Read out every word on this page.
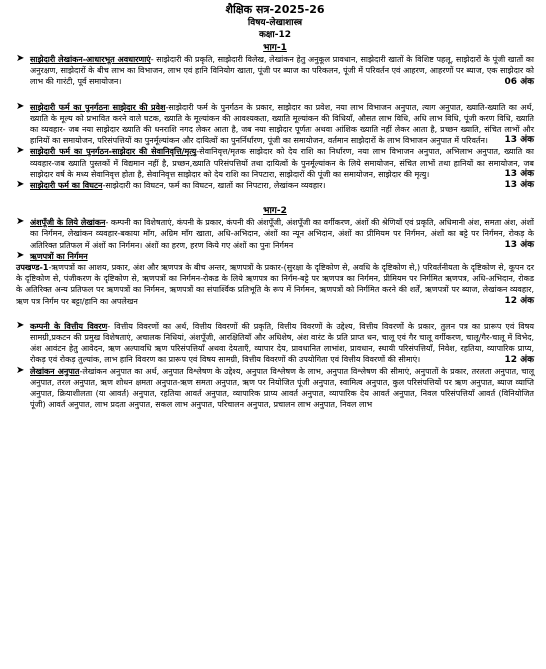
शैक्षिक सत्र-2025-26
विषय-लेखाशास्त्र
कक्षा-12
भाग-1
➤ साझेदारी लेखांकन-आधारभूत अवधारणाएं- साझेदारी की प्रकृति, साझेदारी विलेख, लेखांकन हेतु अनुकूल प्रावधान, साझेदारी खातों के विशिष्ट पहलू, साझेदारों के पूंजी खातों का अनुरक्षण, साझेदारों के बीच लाभ का विभाजन, लाभ एवं हानि विनियोग खाता, पूंजी पर ब्याज का परिकलन, पूंजी में परिवर्तन एवं आहरण, आहरणों पर ब्याज, एक साझेदार को लाभ की गारंटी, पूर्व समायोजन।	06 अंक
➤ साझेदारी फर्म का पुनर्गठनः साझेदार की प्रवेश-साझेदारी फर्म के पुनर्गठन के प्रकार, साझेदार का प्रवेश, नया लाभ विभाजन अनुपात, त्याग अनुपात, ख्याति-ख्याति का अर्थ, ख्याति के मूल्य को प्रभावित करने वाले घटक, ख्याति के मूल्यांकन की आवश्यकता, ख्याति मूल्यांकन की विधियाँ, औसत लाभ विधि, अधि लाभ विधि, पूंजी करण विधि, ख्याति का व्यवहार- जब नया साझेदार ख्याति की धनराशि नगद लेकर आता है, जब नया साझेदार पूर्णतः अथवा आंशिक ख्याति नहीं लेकर आता है, प्रच्छन ख्याति, संचित लाभों और हानियों का समायोजन, परिसंपत्तियों का पुनर्मूल्यांकन और दायित्वों का पुनर्निर्धारण, पूंजी का समायोजन, वर्तमान साझेदारों के लाभ विभाजन अनुपात में परिवर्तन।	13 अंक
➤ साझेदारी फर्म का पुनर्गठन-साझेदार की सेवानिवृत्ति/मृत्यु-सेवानिवृत्त/मृतक साझेदार को देय राशि का निर्धारण, नया लाभ विभाजन अनुपात, अभिलाभ अनुपात, ख्याति का व्यवहार-जब ख्याति पुस्तकों में विद्यमान नहीं है, प्रच्छन,ख्याति परिसंपत्तियों तथा दायित्वों के पुनर्मूल्यांकन के लिये समायोजन, संचित लाभों तथा हानियों का समायोजन, जब साझेदार वर्ष के मध्य सेवानिवृत्त होता है, सेवानिवृत्त साझेदार को देय राशि का निपटारा, साझेदारों की पूंजी का समायोजन, साझेदार की मृत्यु।	13 अंक
➤ साझेदारी फर्म का विघटन-साझेदारी का विघटन, फर्म का विघटन, खातों का निपटारा, लेखांकन व्यवहार।	13 अंक
भाग-2
➤ अंशपूँजी के लिये लेखांकन- कम्पनी का विशेषताएं, कंपनी के प्रकार, कंपनी की अंशपूँजी, अंशपूँजी का वर्गीकरण, अंशों की श्रेणियाँ एवं प्रकृति, अधिमानी अंश, समता अंश, अंशों का निर्गमन, लेखांकन व्यवहार-बकाया माँग, अग्रिम माँग खाता, अधि-अभिदान, अंशों का न्यून अभिदान, अंशों का प्रीमियम पर निर्गमन, अंशों का बट्टे पर निर्गमन, रोकड़ के अतिरिक्त प्रतिफल में अंशों का निर्गमन। अंशों का हरण, हरण किये गए अंशों का पुनः निर्गमन	13 अंक
➤ ऋणपत्रों का निर्गमन
उपखण्ड-1-ऋणपत्रों का आशय, प्रकार, अंश और ऋणपत्र के बीच अन्तर, ऋणपत्रों के प्रकार-(सुरक्षा के दृष्टिकोण से, अवधि के दृष्टिकोण से,) परिवर्तनीयता के दृष्टिकोण से, कूपन दर के दृष्टिकोण से, पंजीकरण के दृष्टिकोण से, ऋणपत्रों का निर्गमन-रोकड के लिये ऋणपत्र का निर्गम-बट्टे पर ऋणपत्र का निर्गमन, प्रीमियम पर निर्गमित ऋणपत्र, अधि-अभिदान, रोकड के अतिरिक्त अन्य प्रतिफल पर ऋणपत्रों का निर्गमन, ऋणपत्रों का संपार्श्विक प्रतिभूति के रूप में निर्गमन, ऋणपत्रों को निर्गमित करने की शर्तें, ऋणपत्रों पर ब्याज, लेखांकन व्यवहार, ऋण पत्र निर्गम पर बट्टा/हानि का अपलेखन	12 अंक
➤ कम्पनी के वित्तीय विवरण- वित्तीय विवरणों का अर्थ, वित्तीय विवरणों की प्रकृति, वित्तीय विवरणों के उद्देश्य, वित्तीय विवरणों के प्रकार, तुलन पत्र का प्रारूप एवं विषय सामग्री,प्रकटन की प्रमुख विशेषताएं, अचालक निधियां, अंशपूँजी, आरक्षितियाँ और अधिशेष, अंश वारंट के प्रति प्राप्त धन, चालू एवं गैर चालू वर्गीकरण, चालू/गैर-चालू में विभेद, अंश आवंटन हेतु आवेदन, ऋण अल्पावधि ऋण परिसंपत्तियाँ अथवा देयताएँ, व्यापार देय, प्रावधानित लाभांश, प्रावधान, स्थायी परिसंपत्तियाँ, निवेश, रहतिया, व्यापारिक प्राप्य, रोकड़ एवं रोकड़ तुल्यांक, लाभ हानि विवरण का प्रारूप एवं विषय सामग्री, वित्तीय विवरणों की उपयोगिता एवं वित्तीय विवरणों की सीमाएं।	12 अंक
➤ लेखांकन अनुपात-लेखांकन अनुपात का अर्थ, अनुपात विश्लेषण के उद्देश्य, अनुपात विश्लेषण के लाभ, अनुपात विश्लेषण की सीमाएं, अनुपातों के प्रकार, तरलता अनुपात, चालू अनुपात, तरल अनुपात, ऋण शोधन क्षमता अनुपात-ऋण समता अनुपात, ऋण पर नियोजित पूंजी अनुपात, स्वामित्व अनुपात, कुल परिसंपत्तियों पर ऋण अनुपात, ब्याज व्याप्ति अनुपात, क्रियाशीलता (या आवर्त) अनुपात, रहतिया आवर्त अनुपात, व्यापारिक प्राप्य आवर्त अनुपात, व्यापारिक देय आवर्त अनुपात, निवल परिसंपत्तियाँ आवर्त (विनियोजित पूंजी) आवर्त अनुपात, लाभ प्रदता अनुपात, सकल लाभ अनुपात, परिचालन अनुपात, प्रचालन लाभ अनुपात, निवल लाभ
